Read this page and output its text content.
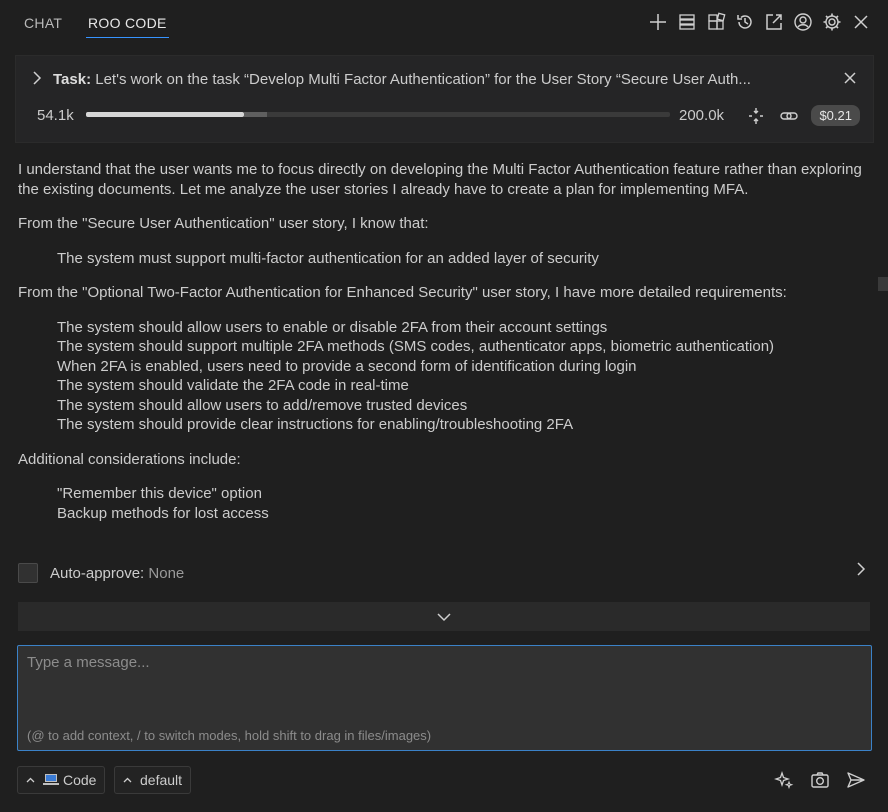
CHAT ROO CODE
Task: Let's work on the task “Develop Multi Factor Authentication” for the User Story “Secure User Auth...
54.1k	200.0k	$0.21

I understand that the user wants me to focus directly on developing the Multi Factor Authentication feature rather than exploring the existing documents. Let me analyze the user stories I already have to create a plan for implementing MFA.

From the "Secure User Authentication" user story, I know that:

The system must support multi-factor authentication for an added layer of security

From the "Optional Two-Factor Authentication for Enhanced Security" user story, I have more detailed requirements:

The system should allow users to enable or disable 2FA from their account settings
The system should support multiple 2FA methods (SMS codes, authenticator apps, biometric authentication)
When 2FA is enabled, users need to provide a second form of identification during login
The system should validate the 2FA code in real-time
The system should allow users to add/remove trusted devices
The system should provide clear instructions for enabling/troubleshooting 2FA

Additional considerations include:

"Remember this device" option
Backup methods for lost access
Auto-approve: None
Type a message...
(@ to add context, / to switch modes, hold shift to drag in files/images)
Code	default
